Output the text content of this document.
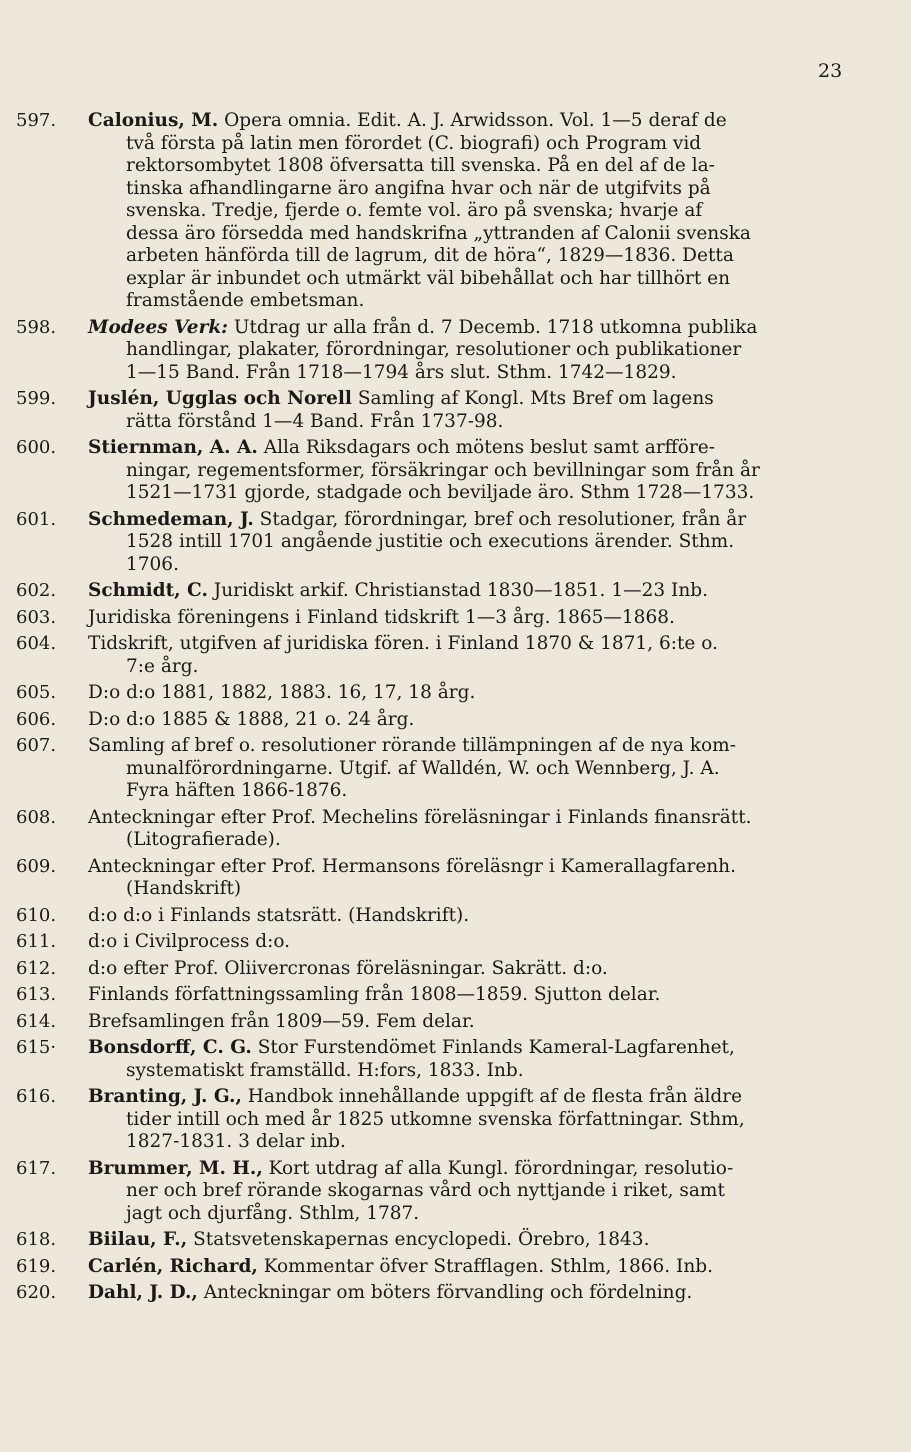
23
597.	Calonius, M. Opera omnia. Edit. A. J. Arwidsson. Vol. 1—5 deraf de
två första på latin men förordet (C. biografi) och Program vid
rektorsombytet 1808 öfversatta till svenska. På en del af de la-
tinska afhandlingarne äro angifna hvar och när de utgifvits på
svenska. Tredje, fjerde o. femte vol. äro på svenska; hvarje af
dessa äro försedda med handskrifna „yttranden af Calonii svenska
arbeten hänförda till de lagrum, dit de höra“, 1829—1836. Detta
explar är inbundet och utmärkt väl bibehållat och har tillhört en
framstående embetsman.
598.	Modees Verk: Utdrag ur alla från d. 7 Decemb. 1718 utkomna publika
handlingar, plakater, förordningar, resolutioner och publikationer
1—15 Band. Från 1718—1794 års slut. Sthm. 1742—1829.
599.	Juslén, Ugglas och Norell Samling af Kongl. Mts Bref om lagens
rätta förstånd 1—4 Band. Från 1737-98.
600.	Stiernman, A. A. Alla Riksdagars och mötens beslut samt arfföre-
ningar, regementsformer, försäkringar och bevillningar som från år
1521—1731 gjorde, stadgade och beviljade äro. Sthm 1728—1733.
601.	Schmedeman, J. Stadgar, förordningar, bref och resolutioner, från år
1528 intill 1701 angående justitie och executions ärender. Sthm.
1706.
602.	Schmidt, C. Juridiskt arkif. Christianstad 1830—1851. 1—23 Inb.
603.	Juridiska föreningens i Finland tidskrift 1—3 årg. 1865—1868.
604.	Tidskrift, utgifven af juridiska fören. i Finland 1870 & 1871, 6:te o.
7:e årg.
605.	D:o d:o 1881, 1882, 1883. 16, 17, 18 årg.
606.	D:o d:o 1885 & 1888, 21 o. 24 årg.
607.	Samling af bref o. resolutioner rörande tillämpningen af de nya kom-
munalförordningarne. Utgif. af Walldén, W. och Wennberg, J. A.
Fyra häften 1866-1876.
608.	Anteckningar efter Prof. Mechelins föreläsningar i Finlands finansrätt.
(Litografierade).
609.	Anteckningar efter Prof. Hermansons föreläsngr i Kamerallagfarenh.
(Handskrift)
610.	d:o d:o i Finlands statsrätt. (Handskrift).
611.	d:o i Civilprocess d:o.
612.	d:o efter Prof. Oliivercronas föreläsningar. Sakrätt. d:o.
613.	Finlands författningssamling från 1808—1859. Sjutton delar.
614.	Brefsamlingen från 1809—59. Fem delar.
615·	Bonsdorff, C. G. Stor Furstendömet Finlands Kameral-Lagfarenhet,
systematiskt framställd. H:fors, 1833. Inb.
616.	Branting, J. G., Handbok innehållande uppgift af de flesta från äldre
tider intill och med år 1825 utkomne svenska författningar. Sthm,
1827-1831. 3 delar inb.
617.	Brummer, M. H., Kort utdrag af alla Kungl. förordningar, resolutio-
ner och bref rörande skogarnas vård och nyttjande i riket, samt
jagt och djurfång. Sthlm, 1787.
618.	Biilau, F., Statsvetenskapernas encyclopedi. Örebro, 1843.
619.	Carlén, Richard, Kommentar öfver Strafflagen. Sthlm, 1866. Inb.
620.	Dahl, J. D., Anteckningar om böters förvandling och fördelning.
